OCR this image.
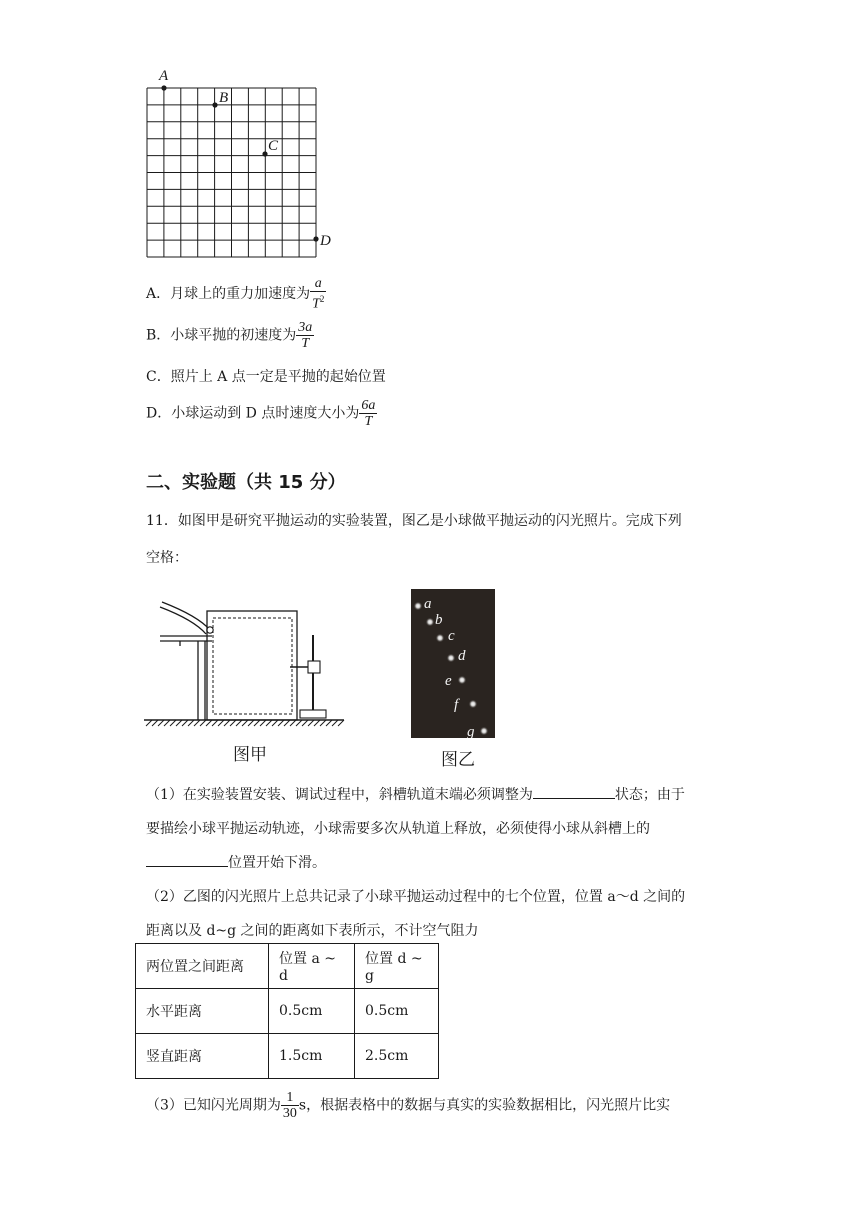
A
B
C
D
A．月球上的重力加速度为 $\frac{a}{T^2}$
B．小球平抛的初速度为 $\frac{3a}{T}$
C．照片上 A 点一定是平抛的起始位置
D．小球运动到 D 点时速度大小为 $\frac{6a}{T}$
二、实验题（共 15 分）
11．如图甲是研究平抛运动的实验装置，图乙是小球做平抛运动的闪光照片。完成下列
空格：
图甲
a
b
c
d
e
f
g
图乙
（1）在实验装置安装、调试过程中，斜槽轨道末端必须调整为	状态；由于
要描绘小球平抛运动轨迹，小球需要多次从轨道上释放，必须使得小球从斜槽上的
位置开始下滑。
（2）乙图的闪光照片上总共记录了小球平抛运动过程中的七个位置，位置 a～d 之间的
距离以及 d~g 之间的距离如下表所示，不计空气阻力
两位置之间距离	位置 a ~ d	位置 d ~ g
水平距离	0.5cm	0.5cm
竖直距离	1.5cm	2.5cm
（3）已知闪光周期为 $\frac{1}{30}$ s，根据表格中的数据与真实的实验数据相比，闪光照片比实
